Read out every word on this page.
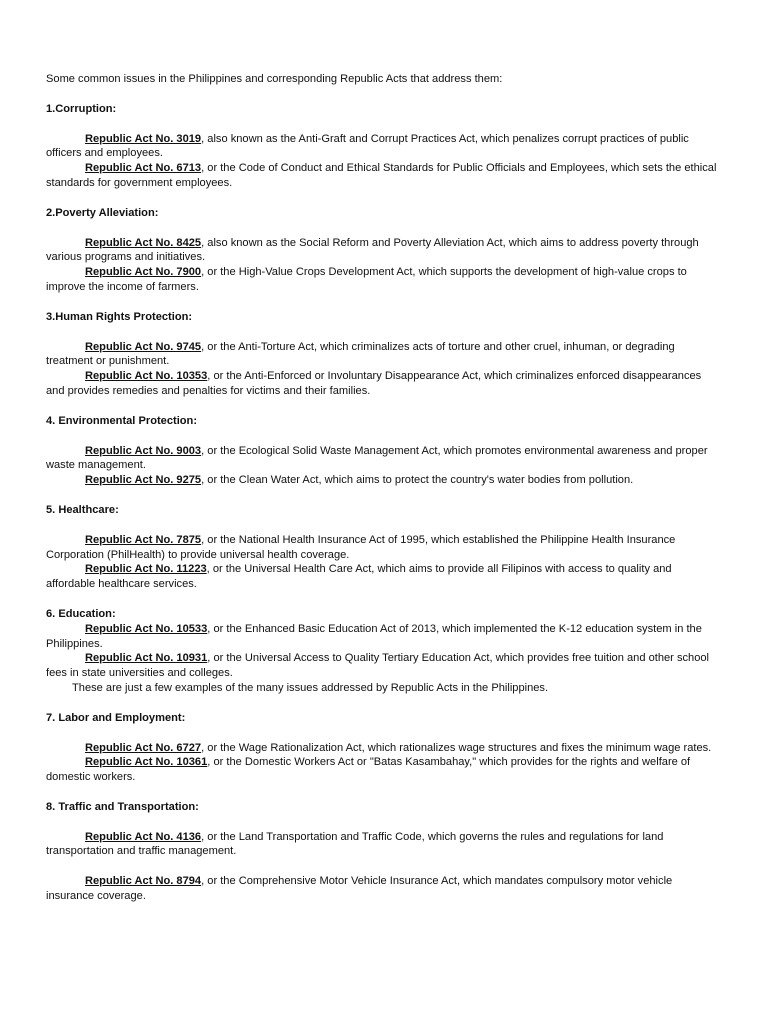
Some common issues in the Philippines and corresponding Republic Acts that address them:

1.Corruption:

Republic Act No. 3019, also known as the Anti-Graft and Corrupt Practices Act, which penalizes corrupt practices of public officers and employees.

Republic Act No. 6713, or the Code of Conduct and Ethical Standards for Public Officials and Employees, which sets the ethical standards for government employees.

2.Poverty Alleviation:

Republic Act No. 8425, also known as the Social Reform and Poverty Alleviation Act, which aims to address poverty through various programs and initiatives.

Republic Act No. 7900, or the High-Value Crops Development Act, which supports the development of high-value crops to improve the income of farmers.

3.Human Rights Protection:

Republic Act No. 9745, or the Anti-Torture Act, which criminalizes acts of torture and other cruel, inhuman, or degrading treatment or punishment.

Republic Act No. 10353, or the Anti-Enforced or Involuntary Disappearance Act, which criminalizes enforced disappearances and provides remedies and penalties for victims and their families.

4. Environmental Protection:

Republic Act No. 9003, or the Ecological Solid Waste Management Act, which promotes environmental awareness and proper waste management.

Republic Act No. 9275, or the Clean Water Act, which aims to protect the country's water bodies from pollution.

5. Healthcare:

Republic Act No. 7875, or the National Health Insurance Act of 1995, which established the Philippine Health Insurance Corporation (PhilHealth) to provide universal health coverage.

Republic Act No. 11223, or the Universal Health Care Act, which aims to provide all Filipinos with access to quality and affordable healthcare services.

6. Education:

Republic Act No. 10533, or the Enhanced Basic Education Act of 2013, which implemented the K-12 education system in the Philippines.

Republic Act No. 10931, or the Universal Access to Quality Tertiary Education Act, which provides free tuition and other school fees in state universities and colleges.

These are just a few examples of the many issues addressed by Republic Acts in the Philippines.

7. Labor and Employment:

Republic Act No. 6727, or the Wage Rationalization Act, which rationalizes wage structures and fixes the minimum wage rates.

Republic Act No. 10361, or the Domestic Workers Act or "Batas Kasambahay," which provides for the rights and welfare of domestic workers.

8. Traffic and Transportation:

Republic Act No. 4136, or the Land Transportation and Traffic Code, which governs the rules and regulations for land transportation and traffic management.

Republic Act No. 8794, or the Comprehensive Motor Vehicle Insurance Act, which mandates compulsory motor vehicle insurance coverage.
